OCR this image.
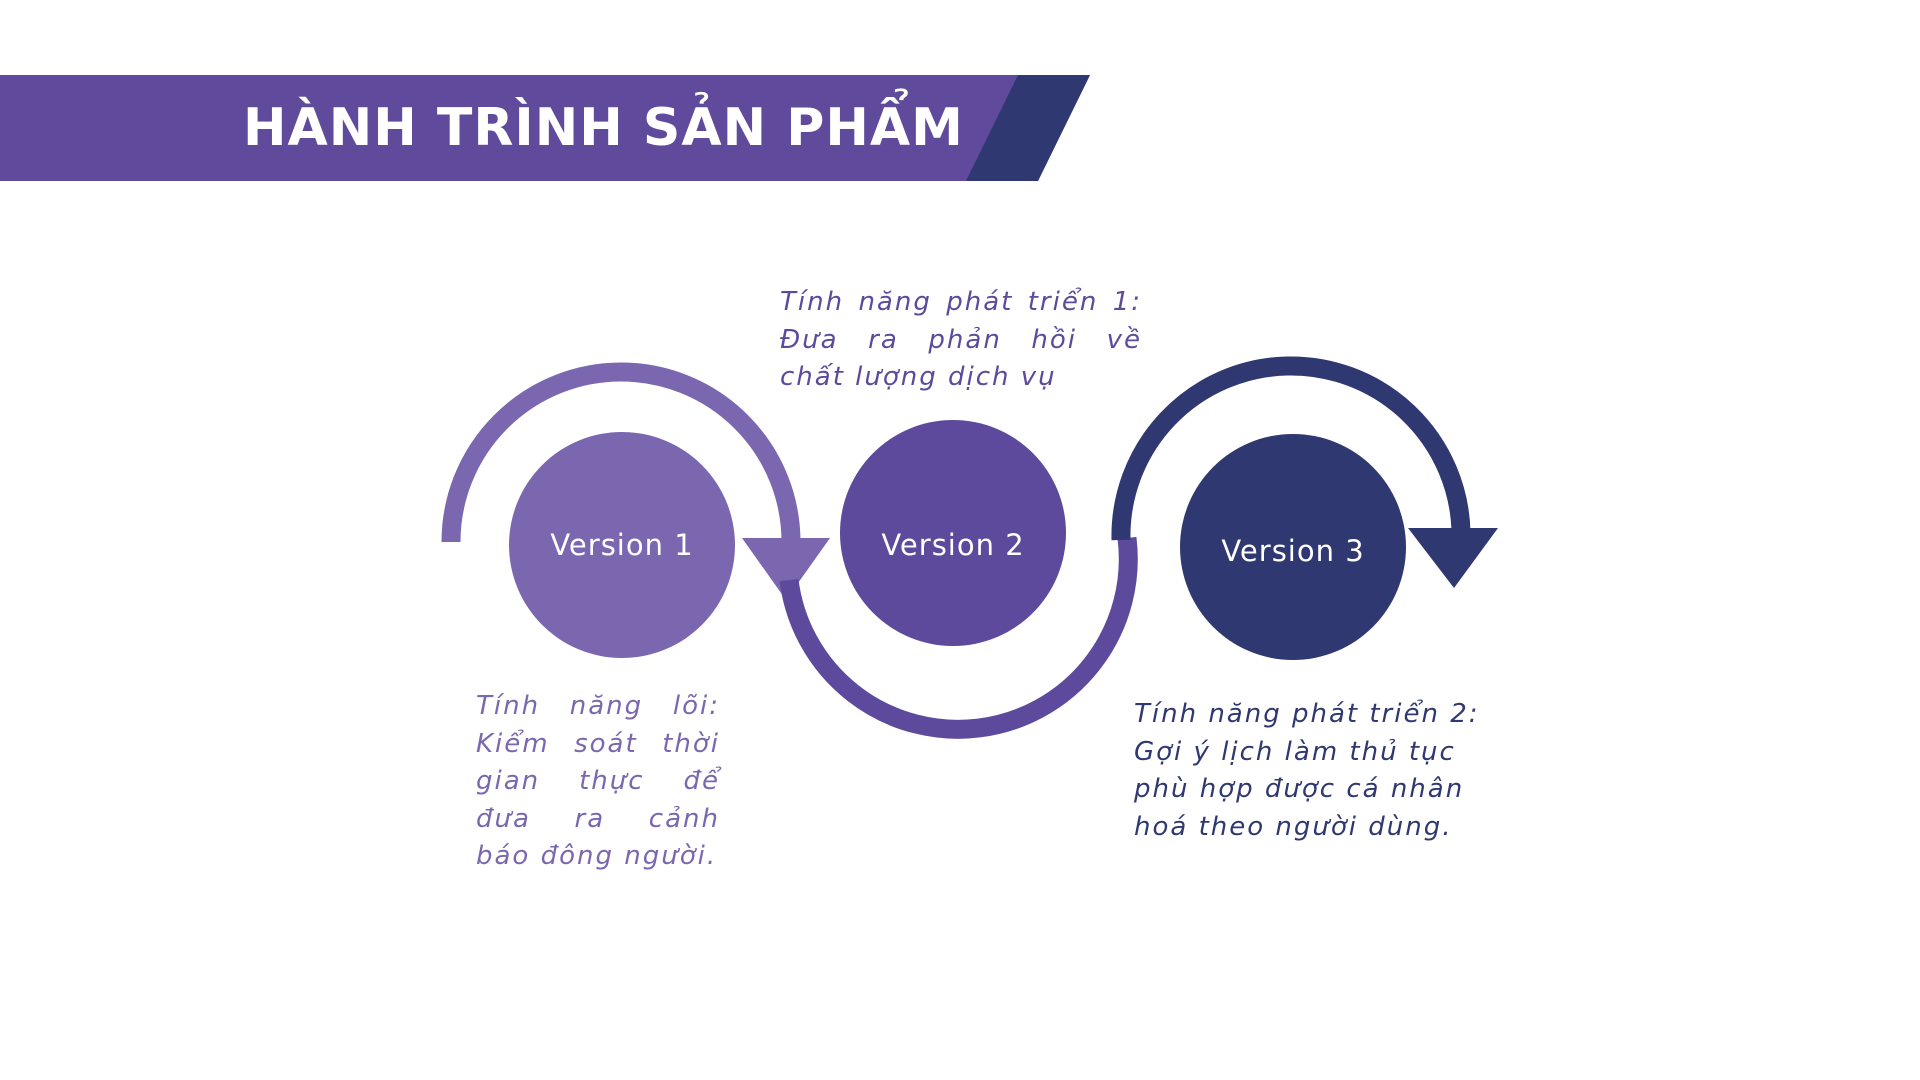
HÀNH TRÌNH SẢN PHẨM
Version 1	Version 2	Version 3
Tính năng phát triển 1:
Đưa ra phản hồi về
chất lượng dịch vụ
Tính năng lõi:
Kiểm soát thời
gian thực để
đưa ra cảnh
báo đông người.
Tính năng phát triển 2:
Gợi ý lịch làm thủ tục
phù hợp được cá nhân
hoá theo người dùng.
